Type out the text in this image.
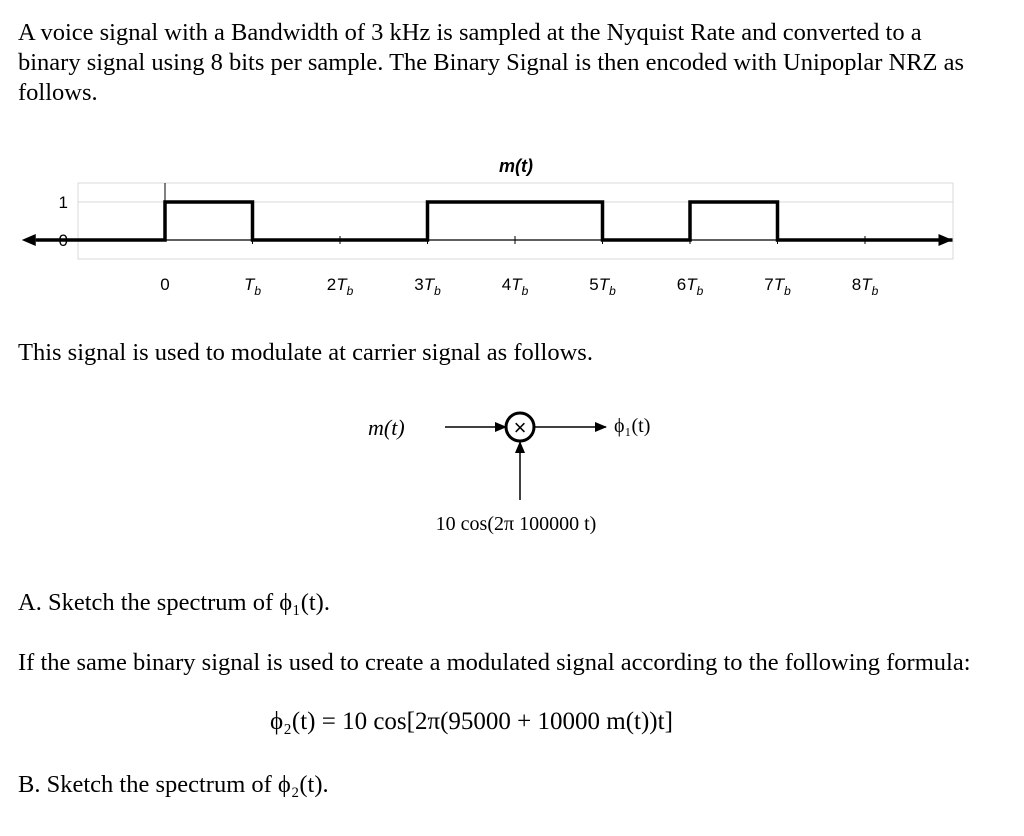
A voice signal with a Bandwidth of 3 kHz is sampled at the Nyquist Rate and converted to a
binary signal using 8 bits per sample. The Binary Signal is then encoded with Unipoplar NRZ as
follows.
m(t)
1
0
0	$T_b$	$2T_b$	$3T_b$	$4T_b$	$5T_b$	$6T_b$	$7T_b$	$8T_b$
This signal is used to modulate at carrier signal as follows.
m(t)	×	ϕ₁(t)
10 cos(2π 100000 t)
A. Sketch the spectrum of ϕ₁(t).
If the same binary signal is used to create a modulated signal according to the following formula:
ϕ₂(t) = 10 cos[2π(95000 + 10000 m(t))t]
B. Sketch the spectrum of ϕ₂(t).
